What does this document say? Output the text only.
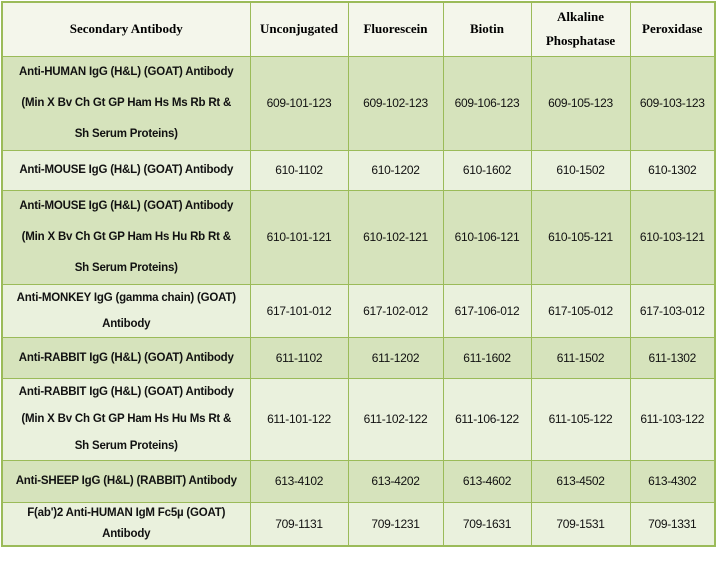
Secondary Antibody	Unconjugated	Fluorescein	Biotin	Alkaline Phosphatase	Peroxidase

Anti-HUMAN IgG (H&L) (GOAT) Antibody
(Min X Bv Ch Gt GP Ham Hs Ms Rb Rt &
Sh Serum Proteins)	609-101-123	609-102-123	609-106-123	609-105-123	609-103-123

Anti-MOUSE IgG (H&L) (GOAT) Antibody	610-1102	610-1202	610-1602	610-1502	610-1302

Anti-MOUSE IgG (H&L) (GOAT) Antibody
(Min X Bv Ch Gt GP Ham Hs Hu Rb Rt &
Sh Serum Proteins)	610-101-121	610-102-121	610-106-121	610-105-121	610-103-121

Anti-MONKEY IgG (gamma chain) (GOAT)
Antibody	617-101-012	617-102-012	617-106-012	617-105-012	617-103-012

Anti-RABBIT IgG (H&L) (GOAT) Antibody	611-1102	611-1202	611-1602	611-1502	611-1302

Anti-RABBIT IgG (H&L) (GOAT) Antibody
(Min X Bv Ch Gt GP Ham Hs Hu Ms Rt &
Sh Serum Proteins)	611-101-122	611-102-122	611-106-122	611-105-122	611-103-122

Anti-SHEEP IgG (H&L) (RABBIT) Antibody	613-4102	613-4202	613-4602	613-4502	613-4302

F(ab')2 Anti-HUMAN IgM Fc5µ (GOAT)
Antibody	709-1131	709-1231	709-1631	709-1531	709-1331
